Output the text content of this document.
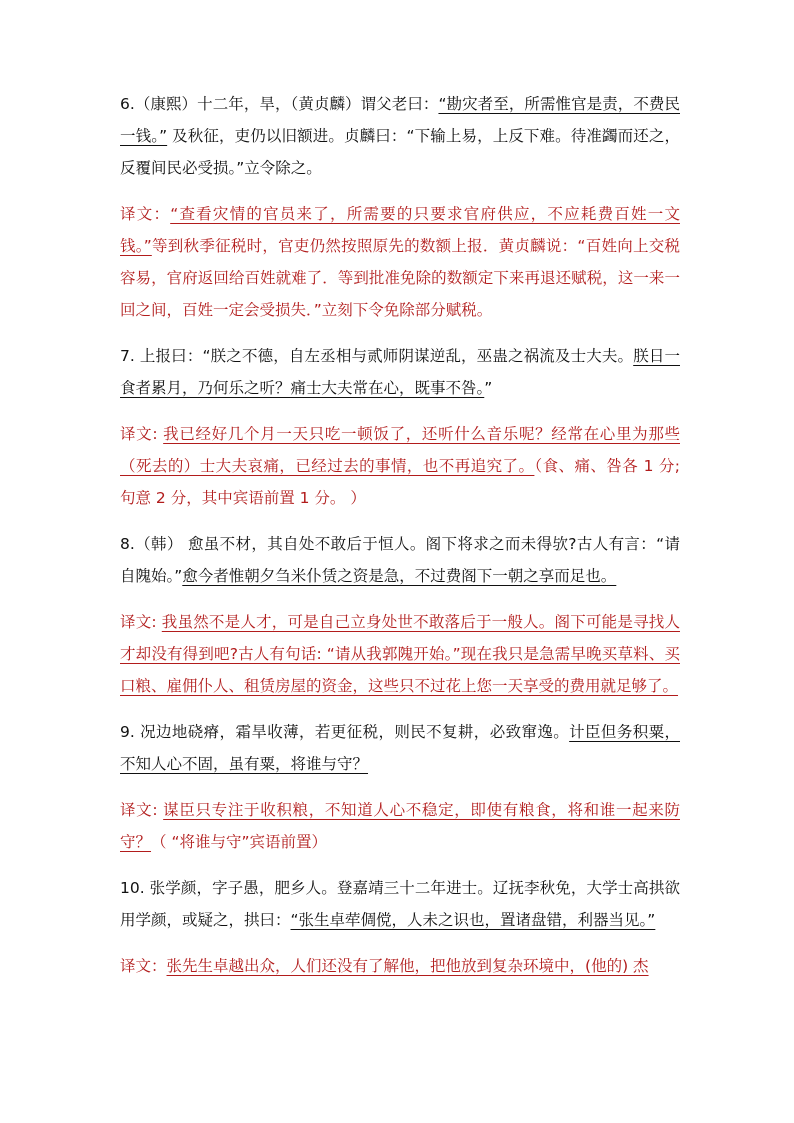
6.（康熙）十二年，旱，（黄贞麟）谓父老曰：“勘灾者至，所需惟官是责，不费民一钱。” 及秋征，吏仍以旧额进。贞麟曰：“下输上易，上反下难。待准蠲而还之，反覆间民必受损。”立令除之。

译文：“查看灾情的官员来了，所需要的只要求官府供应，不应耗费百姓一文钱。”等到秋季征税时，官吏仍然按照原先的数额上报．黄贞麟说：“百姓向上交税容易，官府返回给百姓就难了．等到批准免除的数额定下来再退还赋税，这一来一回之间，百姓一定会受损失．”立刻下令免除部分赋税。

7. 上报曰：“朕之不德，自左丞相与贰师阴谋逆乱，巫蛊之祸流及士大夫。朕日一食者累月，乃何乐之听？痛士大夫常在心，既事不咎。”

译文: 我已经好几个月一天只吃一顿饭了，还听什么音乐呢？经常在心里为那些（死去的）士大夫哀痛，已经过去的事情，也不再追究了。（食、痛、咎各 1 分; 句意 2 分，其中宾语前置 1 分。 ）

8.（韩） 愈虽不材，其自处不敢后于恒人。阁下将求之而未得欤?古人有言：“请自隗始。”愈今者惟朝夕刍米仆赁之资是急，不过费阁下一朝之享而足也。

译文: 我虽然不是人才，可是自己立身处世不敢落后于一般人。阁下可能是寻找人才却没有得到吧?古人有句话: “请从我郭隗开始。”现在我只是急需早晚买草料、买口粮、雇佣仆人、租赁房屋的资金，这些只不过花上您一天享受的费用就足够了。

9. 况边地硗瘠，霜旱收薄，若更征税，则民不复耕，必致窜逸。计臣但务积粟，不知人心不固，虽有粟，将谁与守？

译文: 谋臣只专注于收积粮，不知道人心不稳定，即使有粮食，将和谁一起来防守？（ “将谁与守”宾语前置）

10. 张学颜，字子愚，肥乡人。登嘉靖三十二年进士。辽抚李秋免，大学士高拱欲用学颜，或疑之，拱曰：“张生卓荦倜傥，人未之识也，置诸盘错，利器当见。”

译文：张先生卓越出众，人们还没有了解他，把他放到复杂环境中，(他的) 杰
